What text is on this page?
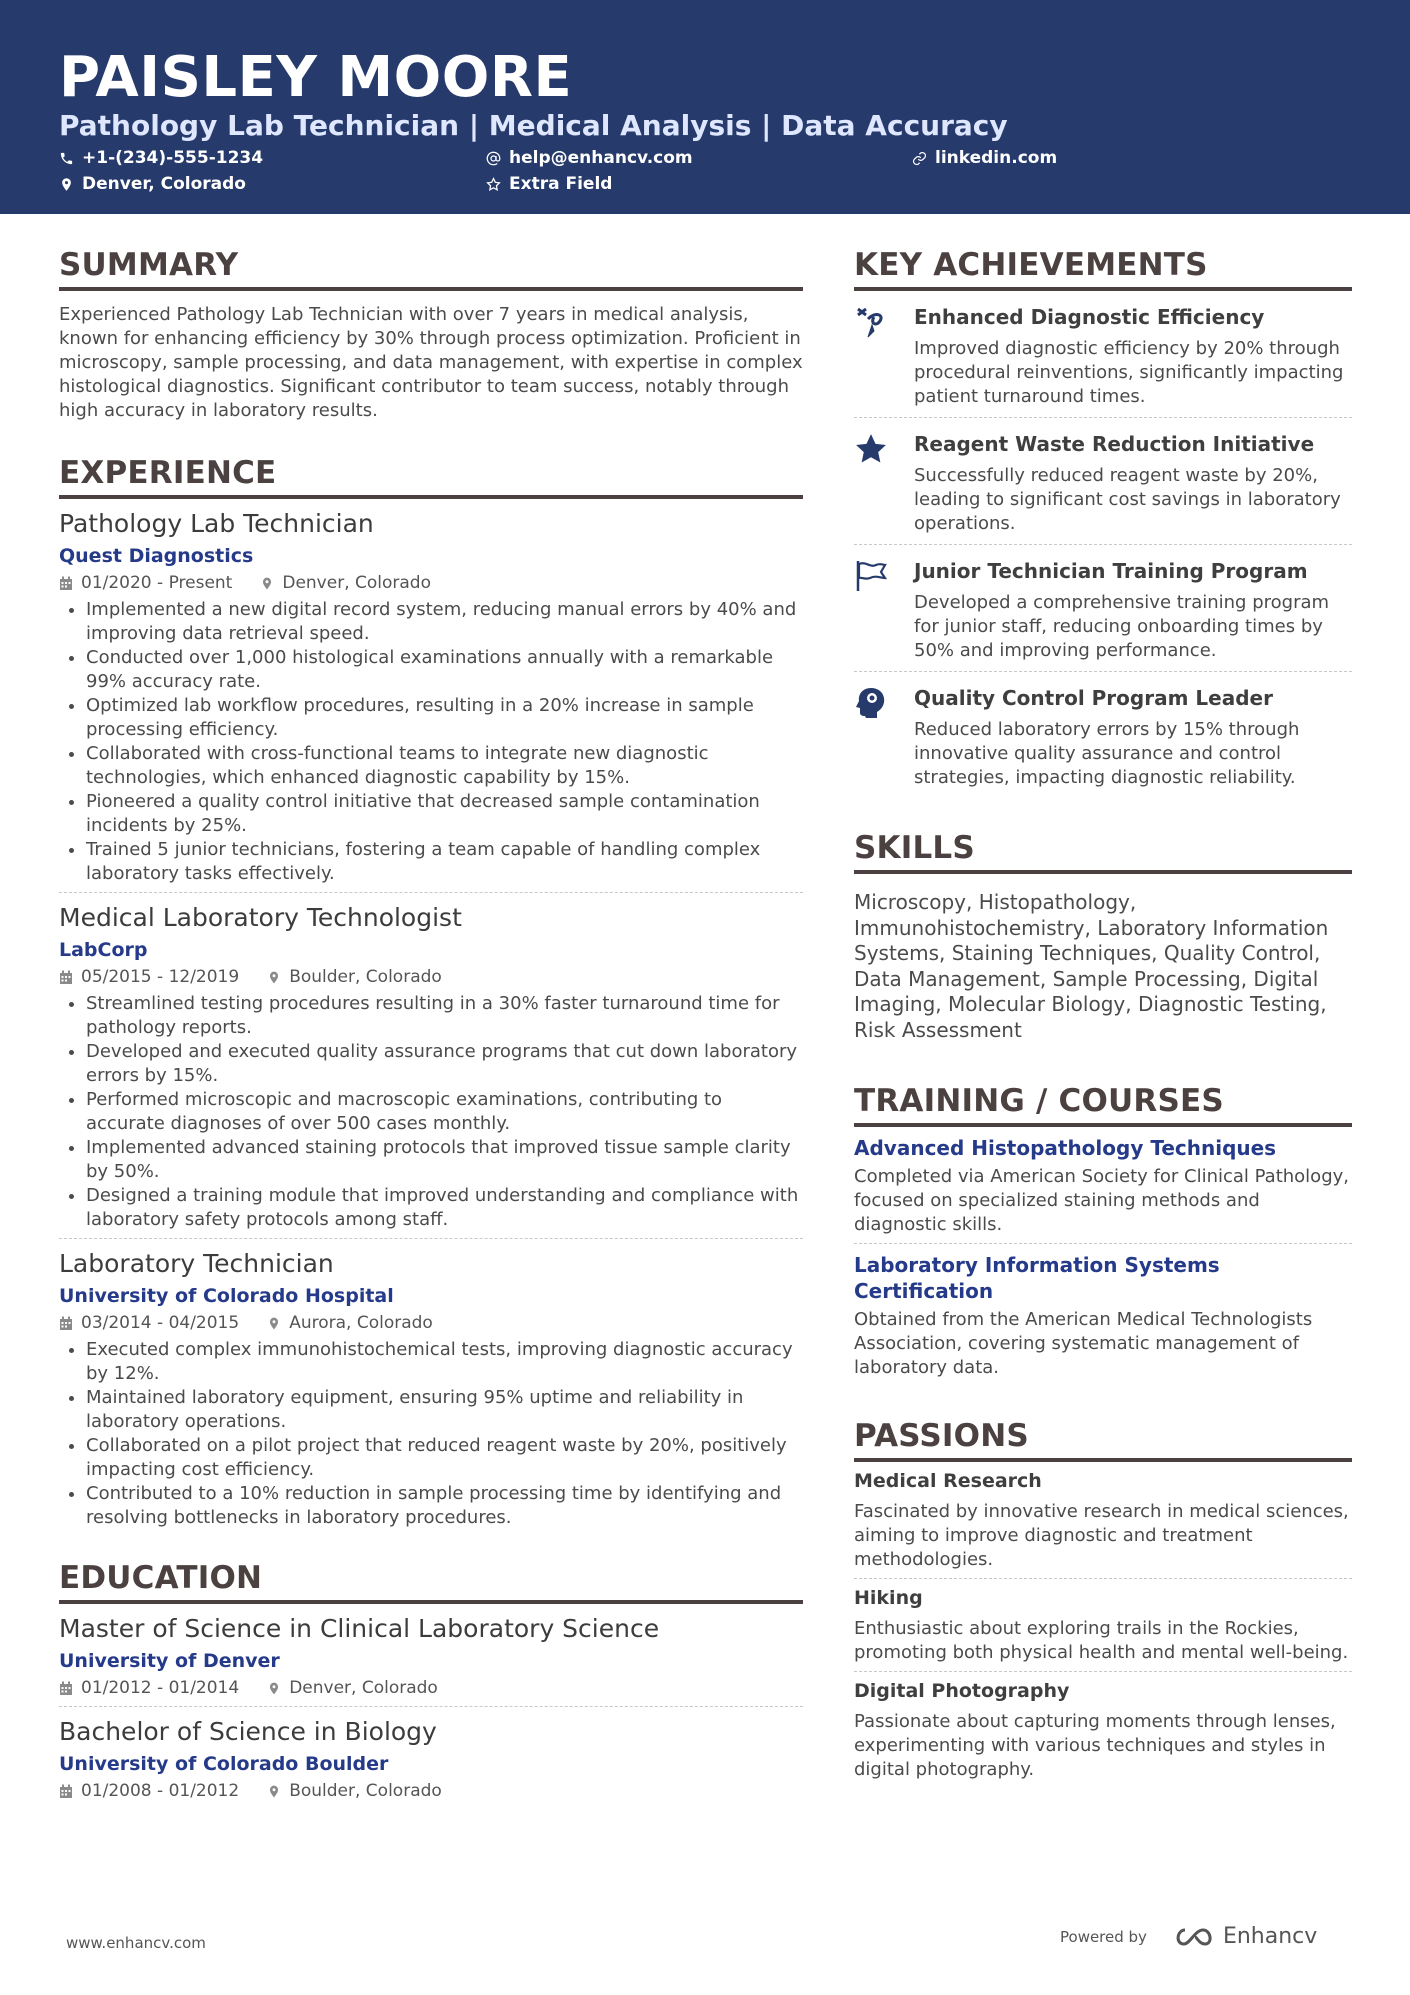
PAISLEY MOORE
Pathology Lab Technician | Medical Analysis | Data Accuracy
+1-(234)-555-1234	help@enhancv.com	linkedin.com
Denver, Colorado	Extra Field
SUMMARY
Experienced Pathology Lab Technician with over 7 years in medical analysis, known for enhancing efficiency by 30% through process optimization. Proficient in microscopy, sample processing, and data management, with expertise in complex histological diagnostics. Significant contributor to team success, notably through high accuracy in laboratory results.
EXPERIENCE
Pathology Lab Technician
Quest Diagnostics
01/2020 - Present	Denver, Colorado
Implemented a new digital record system, reducing manual errors by 40% and improving data retrieval speed.
Conducted over 1,000 histological examinations annually with a remarkable 99% accuracy rate.
Optimized lab workflow procedures, resulting in a 20% increase in sample processing efficiency.
Collaborated with cross-functional teams to integrate new diagnostic technologies, which enhanced diagnostic capability by 15%.
Pioneered a quality control initiative that decreased sample contamination incidents by 25%.
Trained 5 junior technicians, fostering a team capable of handling complex laboratory tasks effectively.
Medical Laboratory Technologist
LabCorp
05/2015 - 12/2019	Boulder, Colorado
Streamlined testing procedures resulting in a 30% faster turnaround time for pathology reports.
Developed and executed quality assurance programs that cut down laboratory errors by 15%.
Performed microscopic and macroscopic examinations, contributing to accurate diagnoses of over 500 cases monthly.
Implemented advanced staining protocols that improved tissue sample clarity by 50%.
Designed a training module that improved understanding and compliance with laboratory safety protocols among staff.
Laboratory Technician
University of Colorado Hospital
03/2014 - 04/2015	Aurora, Colorado
Executed complex immunohistochemical tests, improving diagnostic accuracy by 12%.
Maintained laboratory equipment, ensuring 95% uptime and reliability in laboratory operations.
Collaborated on a pilot project that reduced reagent waste by 20%, positively impacting cost efficiency.
Contributed to a 10% reduction in sample processing time by identifying and resolving bottlenecks in laboratory procedures.
EDUCATION
Master of Science in Clinical Laboratory Science
University of Denver
01/2012 - 01/2014	Denver, Colorado
Bachelor of Science in Biology
University of Colorado Boulder
01/2008 - 01/2012	Boulder, Colorado
KEY ACHIEVEMENTS
Enhanced Diagnostic Efficiency
Improved diagnostic efficiency by 20% through procedural reinventions, significantly impacting patient turnaround times.
Reagent Waste Reduction Initiative
Successfully reduced reagent waste by 20%, leading to significant cost savings in laboratory operations.
Junior Technician Training Program
Developed a comprehensive training program for junior staff, reducing onboarding times by 50% and improving performance.
Quality Control Program Leader
Reduced laboratory errors by 15% through innovative quality assurance and control strategies, impacting diagnostic reliability.
SKILLS
Microscopy, Histopathology, Immunohistochemistry, Laboratory Information Systems, Staining Techniques, Quality Control, Data Management, Sample Processing, Digital Imaging, Molecular Biology, Diagnostic Testing, Risk Assessment
TRAINING / COURSES
Advanced Histopathology Techniques
Completed via American Society for Clinical Pathology, focused on specialized staining methods and diagnostic skills.
Laboratory Information Systems Certification
Obtained from the American Medical Technologists Association, covering systematic management of laboratory data.
PASSIONS
Medical Research
Fascinated by innovative research in medical sciences, aiming to improve diagnostic and treatment methodologies.
Hiking
Enthusiastic about exploring trails in the Rockies, promoting both physical health and mental well-being.
Digital Photography
Passionate about capturing moments through lenses, experimenting with various techniques and styles in digital photography.
www.enhancv.com	Powered by	Enhancv
